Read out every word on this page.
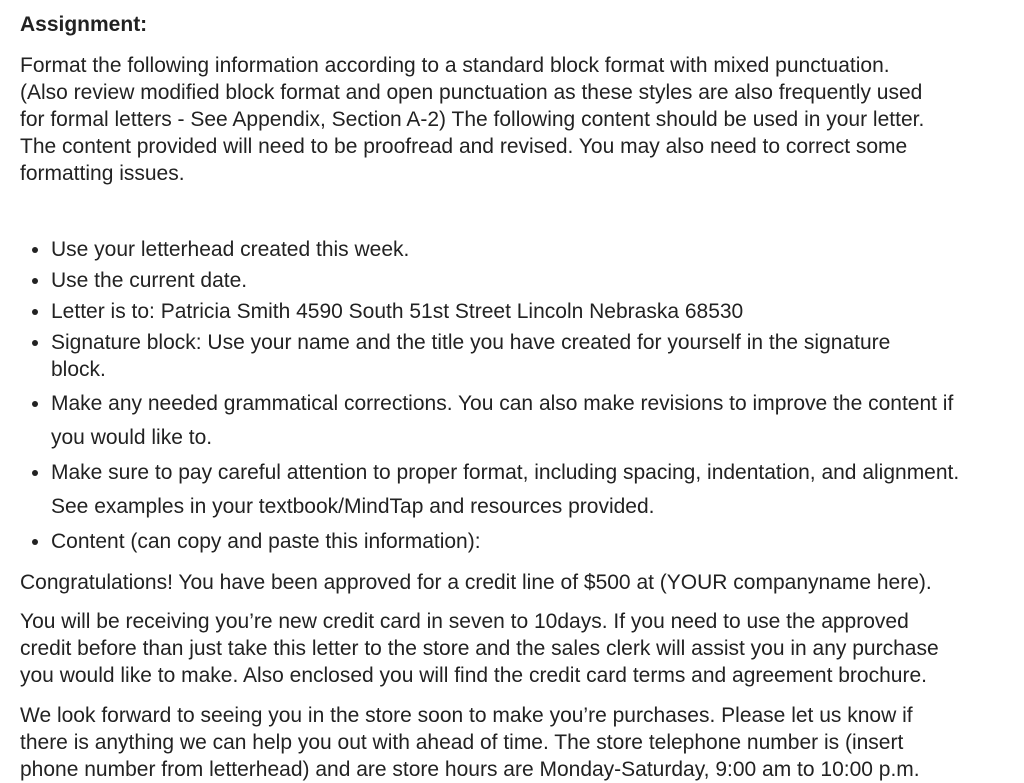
Assignment:

Format the following information according to a standard block format with mixed punctuation.
(Also review modified block format and open punctuation as these styles are also frequently used
for formal letters - See Appendix, Section A-2) The following content should be used in your letter.
The content provided will need to be proofread and revised. You may also need to correct some
formatting issues.

Use your letterhead created this week.
Use the current date.
Letter is to: Patricia Smith 4590 South 51st Street Lincoln Nebraska 68530
Signature block: Use your name and the title you have created for yourself in the signature
block.
Make any needed grammatical corrections. You can also make revisions to improve the content if
you would like to.
Make sure to pay careful attention to proper format, including spacing, indentation, and alignment.
See examples in your textbook/MindTap and resources provided.
Content (can copy and paste this information):

Congratulations! You have been approved for a credit line of $500 at (YOUR companyname here).

You will be receiving you’re new credit card in seven to 10days. If you need to use the approved
credit before than just take this letter to the store and the sales clerk will assist you in any purchase
you would like to make. Also enclosed you will find the credit card terms and agreement brochure.

We look forward to seeing you in the store soon to make you’re purchases. Please let us know if
there is anything we can help you out with ahead of time. The store telephone number is (insert
phone number from letterhead) and are store hours are Monday-Saturday, 9:00 am to 10:00 p.m.
